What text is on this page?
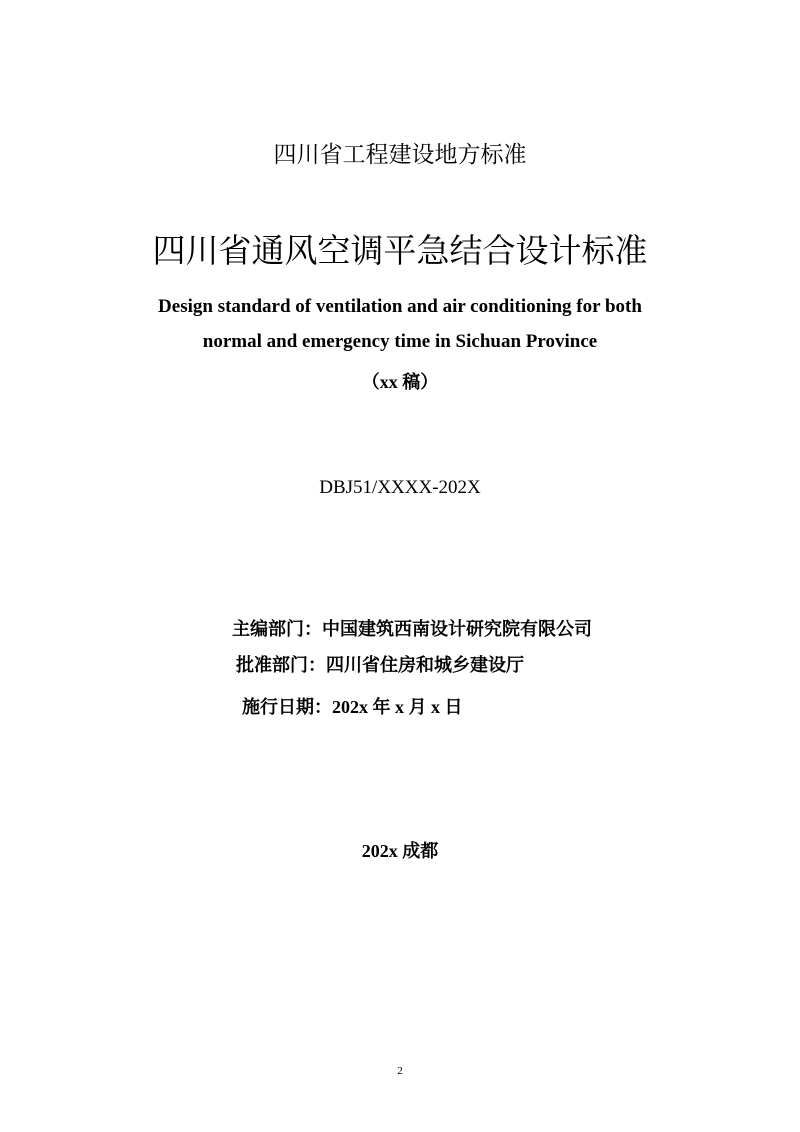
四川省工程建设地方标准
四川省通风空调平急结合设计标准
Design standard of ventilation and air conditioning for both
normal and emergency time in Sichuan Province
（xx 稿）
DBJ51/XXXX-202X
主编部门：中国建筑西南设计研究院有限公司
批准部门：四川省住房和城乡建设厅
施行日期：202x 年 x 月 x 日
202x 成都
2
